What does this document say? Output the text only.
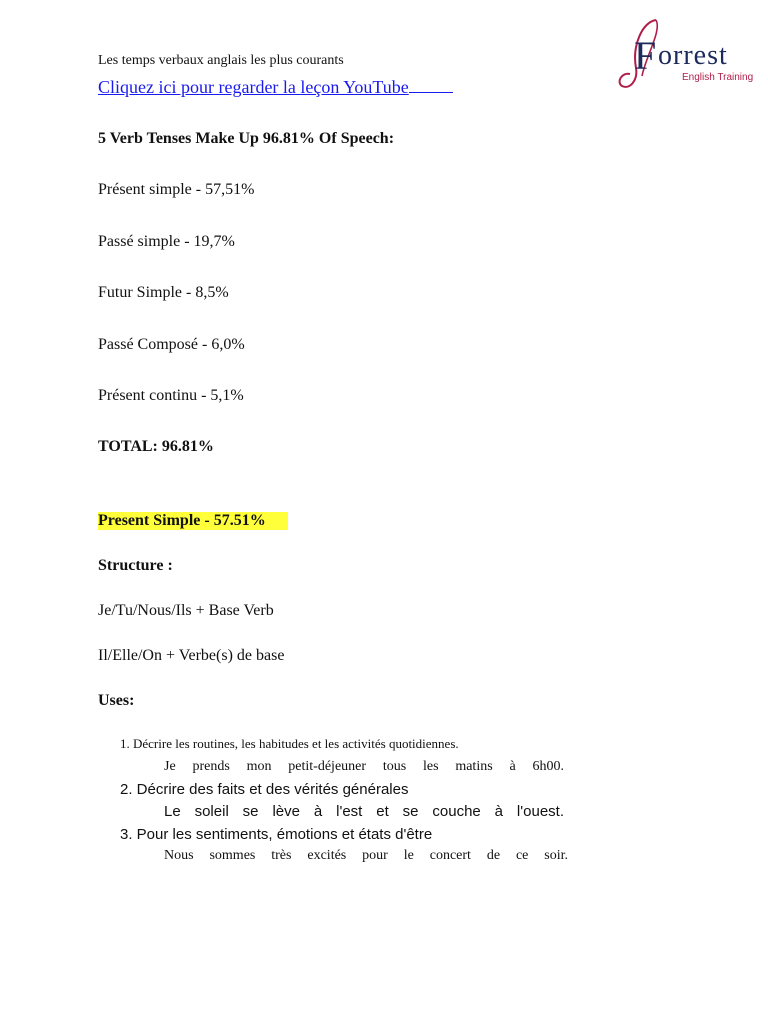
Les temps verbaux anglais les plus courants
Cliquez ici pour regarder la leçon YouTube
F orrest
English Training
5 Verb Tenses Make Up 96.81% Of Speech:
Présent simple - 57,51%
Passé simple - 19,7%
Futur Simple - 8,5%
Passé Composé - 6,0%
Présent continu - 5,1%
TOTAL: 96.81%
Present Simple - 57.51%
Structure :
Je/Tu/Nous/Ils + Base Verb
Il/Elle/On + Verbe(s) de base
Uses:
1. Décrire les routines, les habitudes et les activités quotidiennes.
Je prends mon petit-déjeuner tous les matins à 6h00.
2. Décrire des faits et des vérités générales
Le soleil se lève à l'est et se couche à l'ouest.
3. Pour les sentiments, émotions et états d'être
Nous sommes très excités pour le concert de ce soir.
